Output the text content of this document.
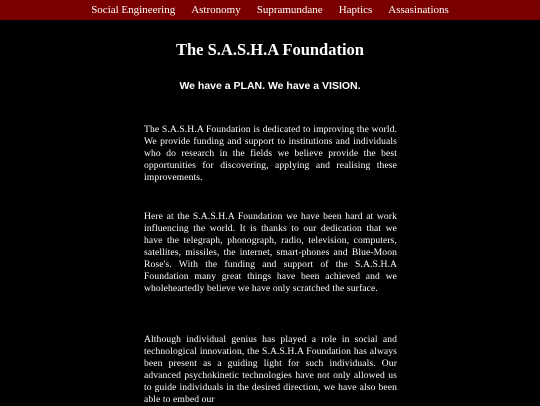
Social Engineering	Astronomy	Supramundane	Haptics	Assasinations
The S.A.S.H.A Foundation
We have a PLAN. We have a VISION.

The S.A.S.H.A Foundation is dedicated to improving the world. We provide funding and support to institutions and individuals who do research in the fields we believe provide the best opportunities for discovering, applying and realising these improvements.

Here at the S.A.S.H.A Foundation we have been hard at work influencing the world. It is thanks to our dedication that we have the telegraph, phonograph, radio, television, computers, satellites, missiles, the internet, smart-phones and Blue-Moon Rose's. With the funding and support of the S.A.S.H.A Foundation many great things have been achieved and we wholeheartedly believe we have only scratched the surface.

Although individual genius has played a role in social and technological innovation, the S.A.S.H.A Foundation has always been present as a guiding light for such individuals. Our advanced psychokinetic technologies have not only allowed us to guide individuals in the desired direction, we have also been able to embed our
